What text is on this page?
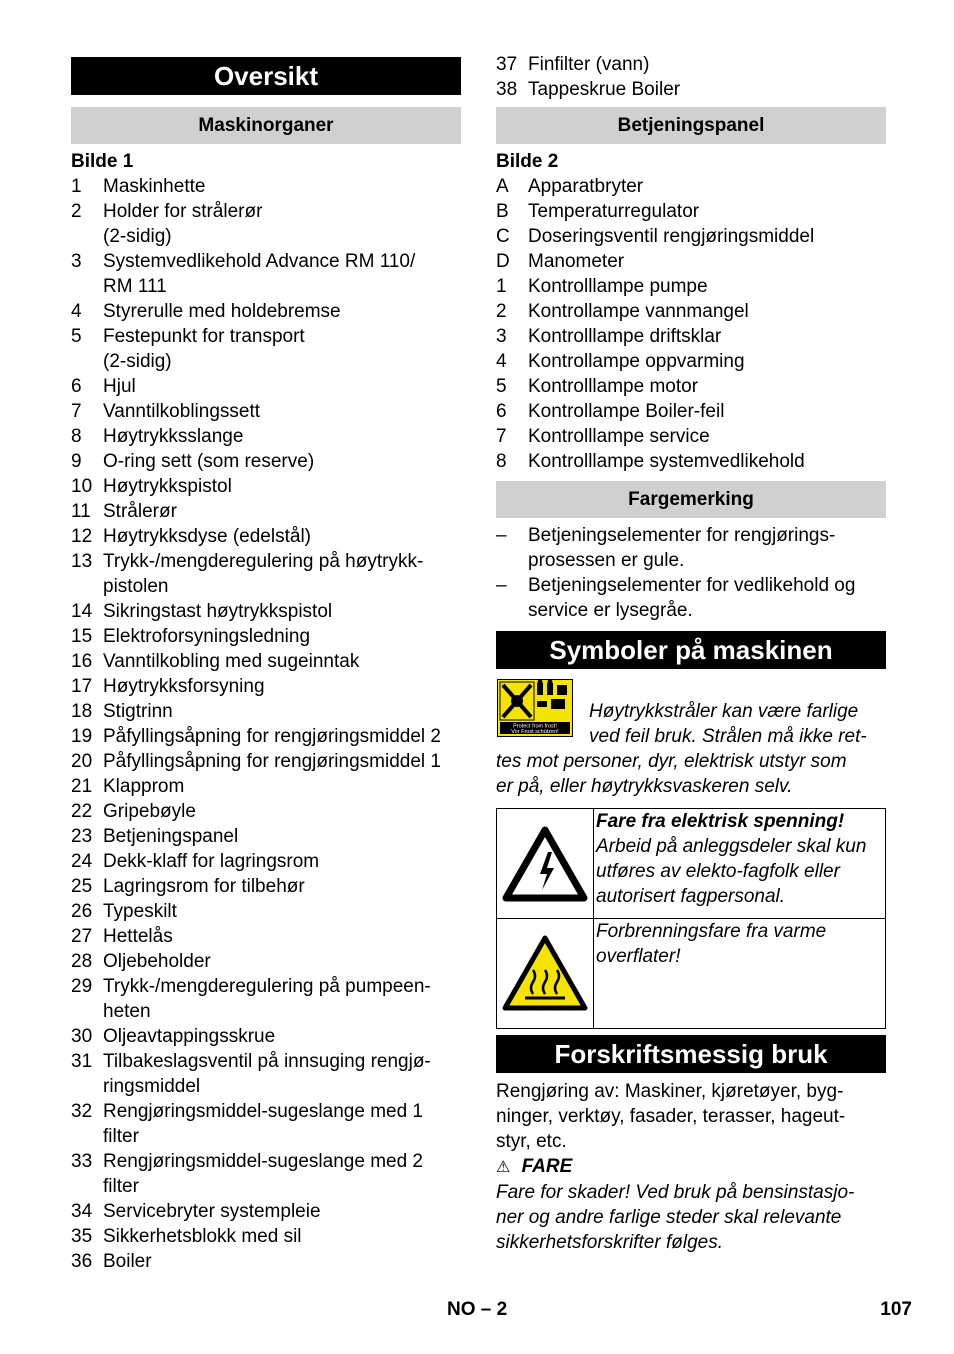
Oversikt
Maskinorganer
Bilde 1
1	Maskinhette
2	Holder for strålerør
(2-sidig)
3	Systemvedlikehold Advance RM 110/
RM 111
4	Styrerulle med holdebremse
5	Festepunkt for transport
(2-sidig)
6	Hjul
7	Vanntilkoblingssett
8	Høytrykksslange
9	O-ring sett (som reserve)
10 Høytrykkspistol
11 Strålerør
12 Høytrykksdyse (edelstål)
13 Trykk-/mengderegulering på høytrykk-
pistolen
14 Sikringstast høytrykkspistol
15 Elektroforsyningsledning
16 Vanntilkobling med sugeinntak
17 Høytrykksforsyning
18 Stigtrinn
19 Påfyllingsåpning for rengjøringsmiddel 2
20 Påfyllingsåpning for rengjøringsmiddel 1
21 Klapprom
22 Gripebøyle
23 Betjeningspanel
24 Dekk-klaff for lagringsrom
25 Lagringsrom for tilbehør
26 Typeskilt
27 Hettelås
28 Oljebeholder
29 Trykk-/mengderegulering på pumpeen-
heten
30 Oljeavtappingsskrue
31 Tilbakeslagsventil på innsuging rengjø-
ringsmiddel
32 Rengjøringsmiddel-sugeslange med 1
filter
33 Rengjøringsmiddel-sugeslange med 2
filter
34 Servicebryter systempleie
35 Sikkerhetsblokk med sil
36 Boiler
37 Finfilter (vann)
38 Tappeskrue Boiler
Betjeningspanel
Bilde 2
A	Apparatbryter
B	Temperaturregulator
C Doseringsventil rengjøringsmiddel
D Manometer
1	Kontrolllampe pumpe
2	Kontrollampe vannmangel
3	Kontrolllampe driftsklar
4	Kontrollampe oppvarming
5	Kontrolllampe motor
6	Kontrollampe Boiler-feil
7	Kontrolllampe service
8	Kontrolllampe systemvedlikehold
Fargemerking
–	Betjeningselementer for rengjørings-
prosessen er gule.
–	Betjeningselementer for vedlikehold og
service er lysegråe.
Symboler på maskinen
Protect from frost!
Vor Frost schützen!
Høytrykkstråler kan være farlige
ved feil bruk. Strålen må ikke ret-
tes mot personer, dyr, elektrisk utstyr som
er på, eller høytrykksvaskeren selv.
Fare fra elektrisk spenning!
Arbeid på anleggsdeler skal kun
utføres av elekto-fagfolk eller
autorisert fagpersonal.
Forbrenningsfare fra varme
overflater!
Forskriftsmessig bruk
Rengjøring av: Maskiner, kjøretøyer, byg-
ninger, verktøy, fasader, terasser, hageut-
styr, etc.
⚠ FARE
Fare for skader! Ved bruk på bensinstasjo-
ner og andre farlige steder skal relevante
sikkerhetsforskrifter følges.
NO – 2	107
